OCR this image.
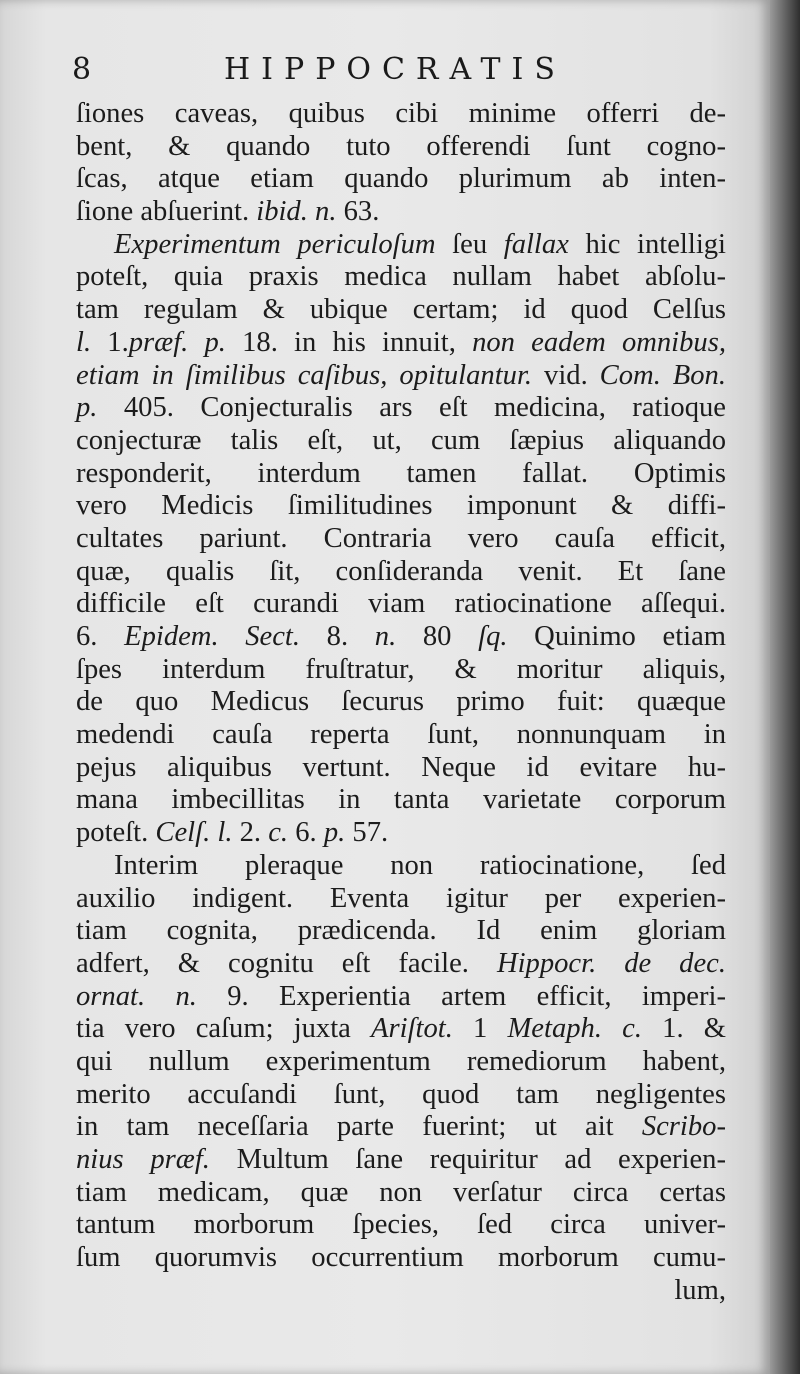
8	HIPPOCRATIS
ſiones caveas, quibus cibi minime offerri de-
bent, & quando tuto offerendi ſunt cogno-
ſcas, atque etiam quando plurimum ab inten-
ſione abſuerint. ibid. n. 63.
Experimentum periculoſum ſeu fallax hic intelligi
poteſt, quia praxis medica nullam habet abſolu-
tam regulam & ubique certam; id quod Celſus
l. 1.præf. p. 18. in his innuit, non eadem omnibus,
etiam in ſimilibus caſibus, opitulantur. vid. Com. Bon.
p. 405. Conjecturalis ars eſt medicina, ratioque
conjecturæ talis eſt, ut, cum ſæpius aliquando
responderit, interdum tamen fallat. Optimis
vero Medicis ſimilitudines imponunt & diffi-
cultates pariunt. Contraria vero cauſa efficit,
quæ, qualis ſit, conſideranda venit. Et ſane
difficile eſt curandi viam ratiocinatione aſſequi.
6. Epidem. Sect. 8. n. 80 ſq. Quinimo etiam
ſpes interdum fruſtratur, & moritur aliquis,
de quo Medicus ſecurus primo fuit: quæque
medendi cauſa reperta ſunt, nonnunquam in
pejus aliquibus vertunt. Neque id evitare hu-
mana imbecillitas in tanta varietate corporum
poteſt. Celſ. l. 2. c. 6. p. 57.
Interim pleraque non ratiocinatione, ſed
auxilio indigent. Eventa igitur per experien-
tiam cognita, prædicenda. Id enim gloriam
adfert, & cognitu eſt facile. Hippocr. de dec.
ornat. n. 9. Experientia artem efficit, imperi-
tia vero caſum; juxta Ariſtot. 1 Metaph. c. 1. &
qui nullum experimentum remediorum habent,
merito accuſandi ſunt, quod tam negligentes
in tam neceſſaria parte fuerint; ut ait Scribo-
nius præf. Multum ſane requiritur ad experien-
tiam medicam, quæ non verſatur circa certas
tantum morborum ſpecies, ſed circa univer-
ſum quorumvis occurrentium morborum cumu-
lum,
